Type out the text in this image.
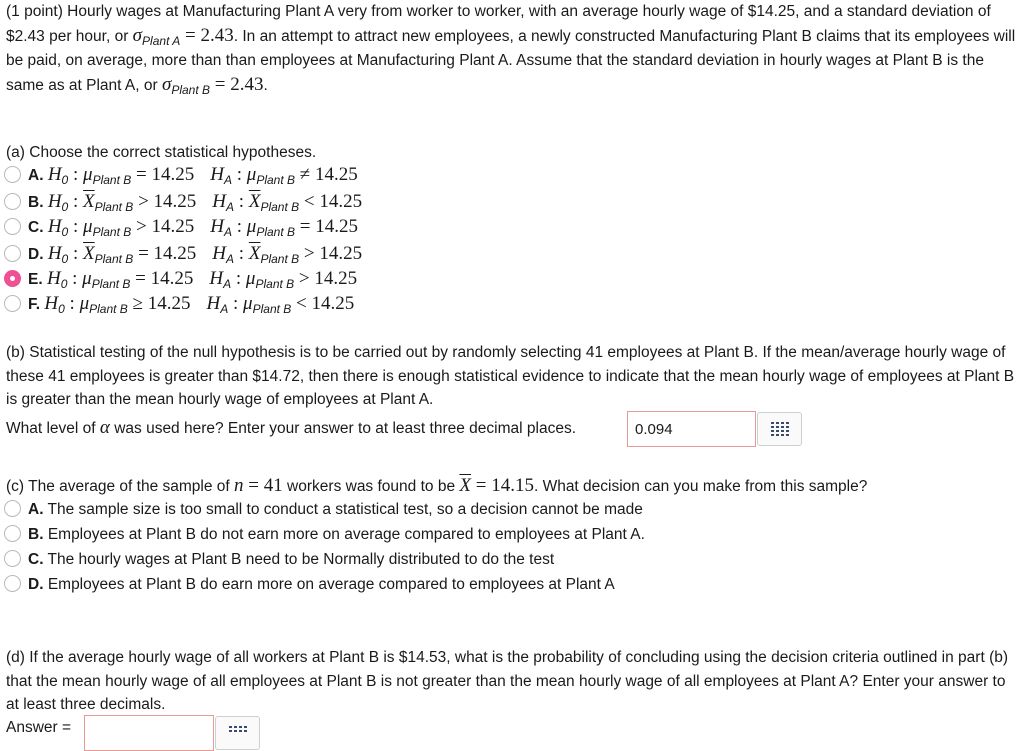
(1 point) Hourly wages at Manufacturing Plant A very from worker to worker, with an average hourly wage of $14.25, and a standard deviation of $2.43 per hour, or $\sigma_{Plant A} = 2.43$. In an attempt to attract new employees, a newly constructed Manufacturing Plant B claims that its employees will be paid, on average, more than than employees at Manufacturing Plant A. Assume that the standard deviation in hourly wages at Plant B is the same as at Plant A, or $\sigma_{Plant B} = 2.43$.
(a) Choose the correct statistical hypotheses.
A. $H_0$ : $\mu_{Plant B} = 14.25$ $H_A$ : $\mu_{Plant B} \ne 14.25$
B. $H_0$ : $\overline{X}_{Plant B} > 14.25$ $H_A$ : $\overline{X}_{Plant B} < 14.25$
C. $H_0$ : $\mu_{Plant B} > 14.25$ $H_A$ : $\mu_{Plant B} = 14.25$
D. $H_0$ : $\overline{X}_{Plant B} = 14.25$ $H_A$ : $\overline{X}_{Plant B} > 14.25$
E. $H_0$ : $\mu_{Plant B} = 14.25$ $H_A$ : $\mu_{Plant B} > 14.25$
F. $H_0$ : $\mu_{Plant B} \ge 14.25$ $H_A$ : $\mu_{Plant B} < 14.25$
(b) Statistical testing of the null hypothesis is to be carried out by randomly selecting 41 employees at Plant B. If the mean/average hourly wage of these 41 employees is greater than $14.72, then there is enough statistical evidence to indicate that the mean hourly wage of employees at Plant B is greater than the mean hourly wage of employees at Plant A.
What level of α was used here? Enter your answer to at least three decimal places.
0.094
(c) The average of the sample of n = 41 workers was found to be $\overline{X} = 14.15$. What decision can you make from this sample?
A. The sample size is too small to conduct a statistical test, so a decision cannot be made
B. Employees at Plant B do not earn more on average compared to employees at Plant A.
C. The hourly wages at Plant B need to be Normally distributed to do the test
D. Employees at Plant B do earn more on average compared to employees at Plant A
(d) If the average hourly wage of all workers at Plant B is $14.53, what is the probability of concluding using the decision criteria outlined in part (b) that the mean hourly wage of all employees at Plant B is not greater than the mean hourly wage of all employees at Plant A? Enter your answer to at least three decimals.
Answer =
